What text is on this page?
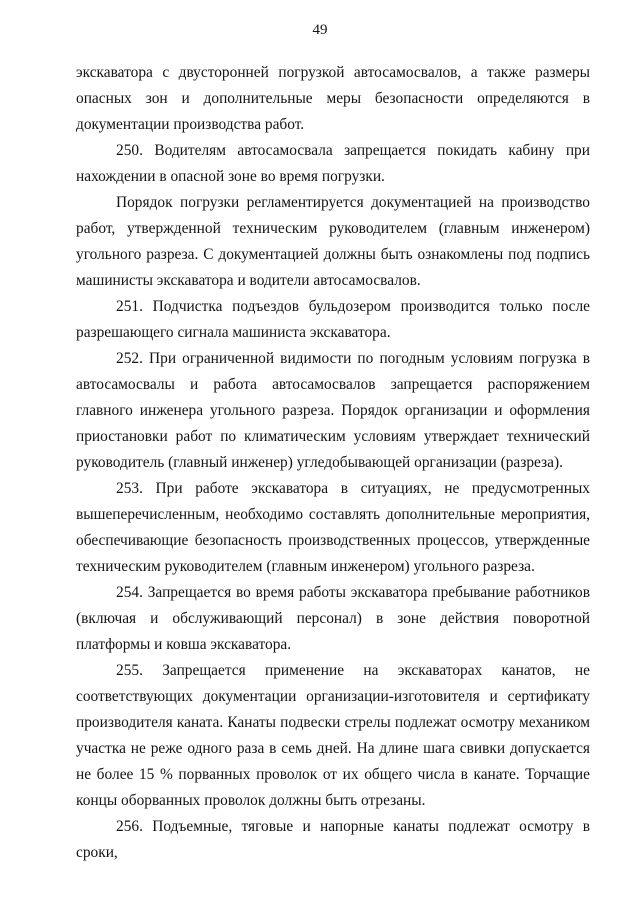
49

экскаватора с двусторонней погрузкой автосамосвалов, а также размеры опасных зон и дополнительные меры безопасности определяются в документации производства работ.

250. Водителям автосамосвала запрещается покидать кабину при нахождении в опасной зоне во время погрузки.

Порядок погрузки регламентируется документацией на производство работ, утвержденной техническим руководителем (главным инженером) угольного разреза. С документацией должны быть ознакомлены под подпись машинисты экскаватора и водители автосамосвалов.

251. Подчистка подъездов бульдозером производится только после разрешающего сигнала машиниста экскаватора.

252. При ограниченной видимости по погодным условиям погрузка в автосамосвалы и работа автосамосвалов запрещается распоряжением главного инженера угольного разреза. Порядок организации и оформления приостановки работ по климатическим условиям утверждает технический руководитель (главный инженер) угледобывающей организации (разреза).

253. При работе экскаватора в ситуациях, не предусмотренных вышеперечисленным, необходимо составлять дополнительные мероприятия, обеспечивающие безопасность производственных процессов, утвержденные техническим руководителем (главным инженером) угольного разреза.

254. Запрещается во время работы экскаватора пребывание работников (включая и обслуживающий персонал) в зоне действия поворотной платформы и ковша экскаватора.

255. Запрещается применение на экскаваторах канатов, не соответствующих документации организации-изготовителя и сертификату производителя каната. Канаты подвески стрелы подлежат осмотру механиком участка не реже одного раза в семь дней. На длине шага свивки допускается не более 15 % порванных проволок от их общего числа в канате. Торчащие концы оборванных проволок должны быть отрезаны.

256. Подъемные, тяговые и напорные канаты подлежат осмотру в сроки,
